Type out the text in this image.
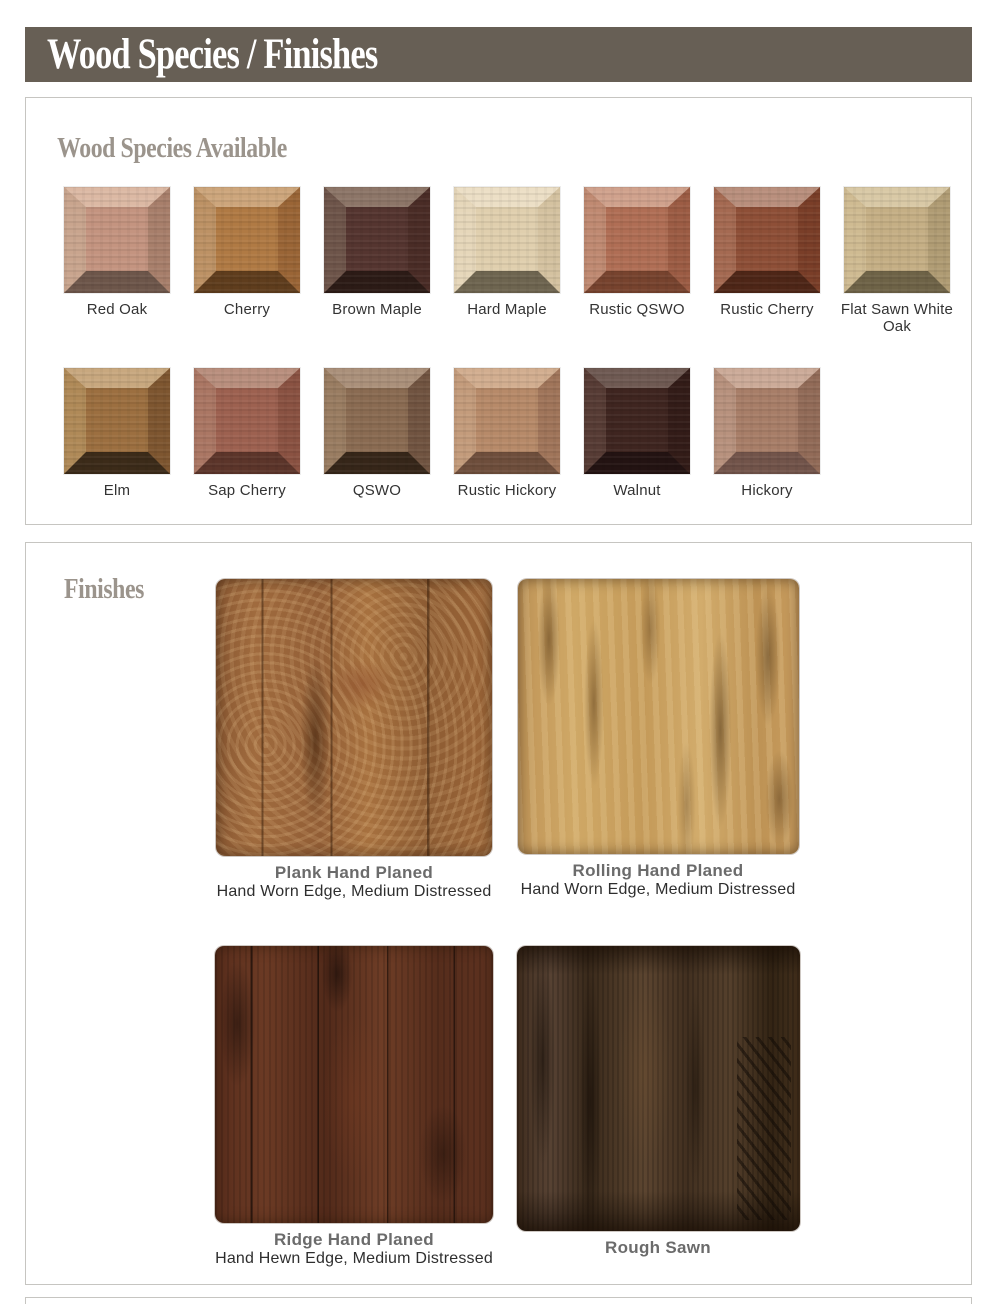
Wood Species / Finishes
Wood Species Available
Red Oak	Cherry	Brown Maple	Hard Maple	Rustic QSWO	Rustic Cherry	Flat Sawn White Oak
Elm	Sap Cherry	QSWO	Rustic Hickory	Walnut	Hickory
Finishes
Plank Hand Planed
Hand Worn Edge, Medium Distressed
Rolling Hand Planed
Hand Worn Edge, Medium Distressed
Ridge Hand Planed
Hand Hewn Edge, Medium Distressed
Rough Sawn
